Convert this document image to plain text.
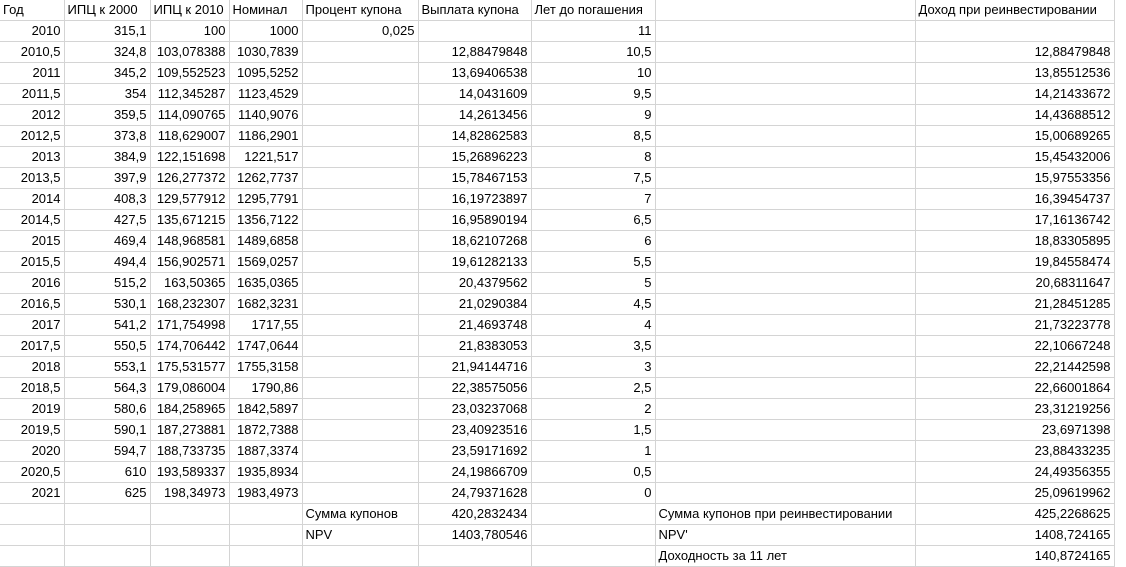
Год	ИПЦ к 2000	ИПЦ к 2010	Номинал	Процент купона	Выплата купона	Лет до погашения		Доход при реинвестировании
2010	315,1	100	1000	0,025		11		
2010,5	324,8	103,078388	1030,7839		12,88479848	10,5		12,88479848
2011	345,2	109,552523	1095,5252		13,69406538	10		13,85512536
2011,5	354	112,345287	1123,4529		14,0431609	9,5		14,21433672
2012	359,5	114,090765	1140,9076		14,2613456	9		14,43688512
2012,5	373,8	118,629007	1186,2901		14,82862583	8,5		15,00689265
2013	384,9	122,151698	1221,517		15,26896223	8		15,45432006
2013,5	397,9	126,277372	1262,7737		15,78467153	7,5		15,97553356
2014	408,3	129,577912	1295,7791		16,19723897	7		16,39454737
2014,5	427,5	135,671215	1356,7122		16,95890194	6,5		17,16136742
2015	469,4	148,968581	1489,6858		18,62107268	6		18,83305895
2015,5	494,4	156,902571	1569,0257		19,61282133	5,5		19,84558474
2016	515,2	163,50365	1635,0365		20,4379562	5		20,68311647
2016,5	530,1	168,232307	1682,3231		21,0290384	4,5		21,28451285
2017	541,2	171,754998	1717,55		21,4693748	4		21,73223778
2017,5	550,5	174,706442	1747,0644		21,8383053	3,5		22,10667248
2018	553,1	175,531577	1755,3158		21,94144716	3		22,21442598
2018,5	564,3	179,086004	1790,86		22,38575056	2,5		22,66001864
2019	580,6	184,258965	1842,5897		23,03237068	2		23,31219256
2019,5	590,1	187,273881	1872,7388		23,40923516	1,5		23,6971398
2020	594,7	188,733735	1887,3374		23,59171692	1		23,88433235
2020,5	610	193,589337	1935,8934		24,19866709	0,5		24,49356355
2021	625	198,34973	1983,4973		24,79371628	0		25,09619962
				Сумма купонов	420,2832434		Сумма купонов при реинвестировании	425,2268625
				NPV	1403,780546		NPV'	1408,724165
							Доходность за 11 лет	140,8724165
